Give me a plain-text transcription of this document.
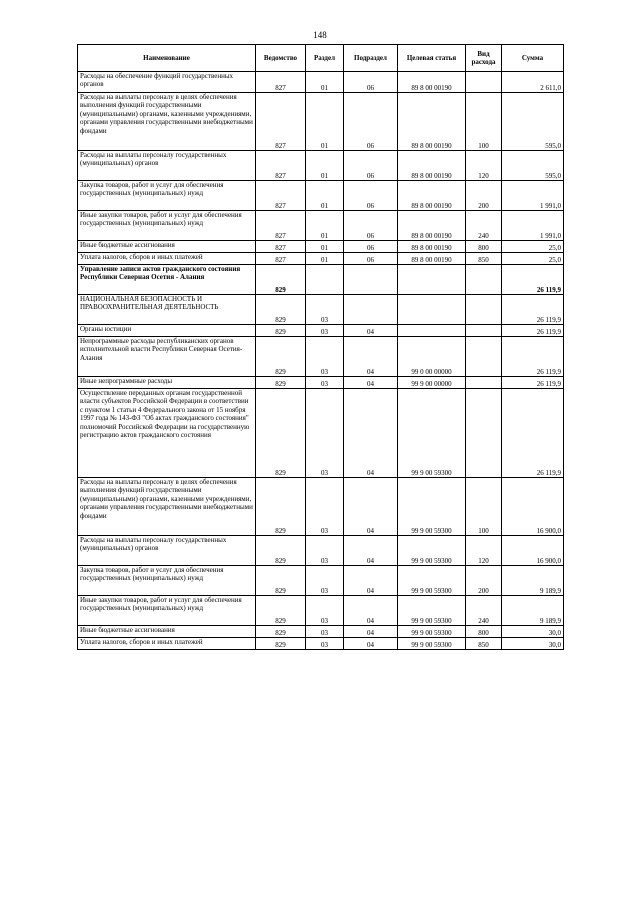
148
Наименование	Ведомство	Раздел	Подраздел	Целевая статья	Вид расхода	Сумма
Расходы на обеспечение функций государственных органов	827	01	06	89 8 00 00190		2 611,0
Расходы на выплаты персоналу в целях обеспечения выполнения функций государственными (муниципальными) органами, казенными учреждениями, органами управления государственными внебюджетными фондами	827	01	06	89 8 00 00190	100	595,0
Расходы на выплаты персоналу государственных (муниципальных) органов	827	01	06	89 8 00 00190	120	595,0
Закупка товаров, работ и услуг для обеспечения государственных (муниципальных) нужд	827	01	06	89 8 00 00190	200	1 991,0
Иные закупки товаров, работ и услуг для обеспечения государственных (муниципальных) нужд	827	01	06	89 8 00 00190	240	1 991,0
Иные бюджетные ассигнования	827	01	06	89 8 00 00190	800	25,0
Уплата налогов, сборов и иных платежей	827	01	06	89 8 00 00190	850	25,0
Управление записи актов гражданского состояния Республики Северная Осетия - Алания	829					26 119,9
НАЦИОНАЛЬНАЯ БЕЗОПАСНОСТЬ И ПРАВООХРАНИТЕЛЬНАЯ ДЕЯТЕЛЬНОСТЬ	829	03				26 119,9
Органы юстиции	829	03	04			26 119,9
Непрограммные расходы республиканских органов исполнительной власти Республики Северная Осетия-Алания	829	03	04	99 0 00 00000		26 119,9
Иные непрограммные расходы	829	03	04	99 9 00 00000		26 119,9
Осуществление переданных органам государственной власти субъектов Российской Федерации в соответствии с пунктом 1 статьи 4 Федерального закона от 15 ноября 1997 года № 143-ФЗ "Об актах гражданского состояния" полномочий Российской Федерации на государственную регистрацию актов гражданского состояния	829	03	04	99 9 00 59300		26 119,9
Расходы на выплаты персоналу в целях обеспечения выполнения функций государственными (муниципальными) органами, казенными учреждениями, органами управления государственными внебюджетными фондами	829	03	04	99 9 00 59300	100	16 900,0
Расходы на выплаты персоналу государственных (муниципальных) органов	829	03	04	99 9 00 59300	120	16 900,0
Закупка товаров, работ и услуг для обеспечения государственных (муниципальных) нужд	829	03	04	99 9 00 59300	200	9 189,9
Иные закупки товаров, работ и услуг для обеспечения государственных (муниципальных) нужд	829	03	04	99 9 00 59300	240	9 189,9
Иные бюджетные ассигнования	829	03	04	99 9 00 59300	800	30,0
Уплата налогов, сборов и иных платежей	829	03	04	99 9 00 59300	850	30,0
